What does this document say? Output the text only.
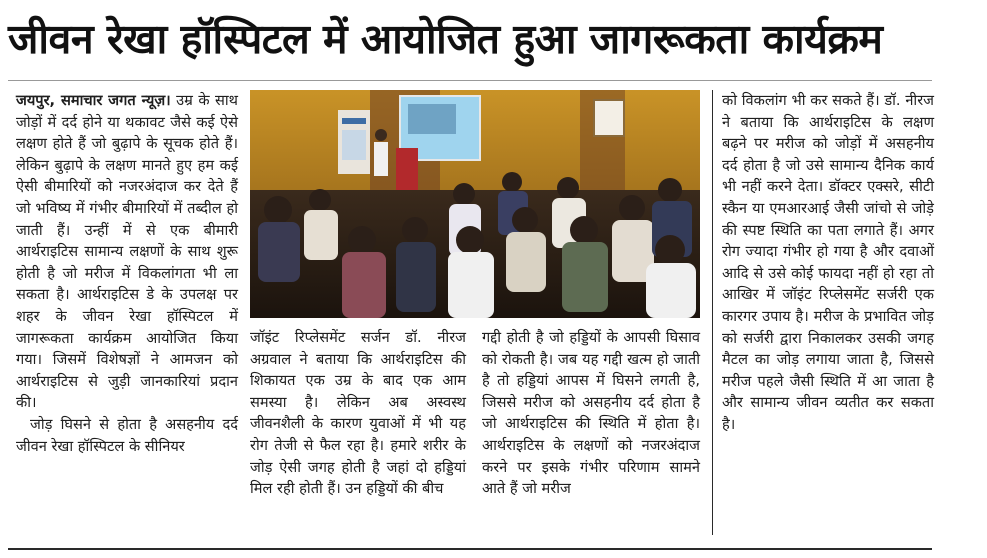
जीवन रेखा हॉस्पिटल में आयोजित हुआ जागरूकता कार्यक्रम

जयपुर, समाचार जगत न्यूज़। उम्र के साथ जोड़ों में दर्द होने या थकावट जैसे कई ऐसे लक्षण होते हैं जो बुढ़ापे के सूचक होते हैं। लेकिन बुढ़ापे के लक्षण मानते हुए हम कई ऐसी बीमारियों को नजरअंदाज कर देते हैं जो भविष्य में गंभीर बीमारियों में तब्दील हो जाती हैं। उन्हीं में से एक बीमारी आर्थराइटिस सामान्य लक्षणों के साथ शुरू होती है जो मरीज में विकलांगता भी ला सकता है। आर्थराइटिस डे के उपलक्ष पर शहर के जीवन रेखा हॉस्पिटल में जागरूकता कार्यक्रम आयोजित किया गया। जिसमें विशेषज्ञों ने आमजन को आर्थराइटिस से जुड़ी जानकारियां प्रदान की।

जोड़ घिसने से होता है असहनीय दर्द जीवन रेखा हॉस्पिटल के सीनियर

जॉइंट रिप्लेसमेंट सर्जन डॉ. नीरज अग्रवाल ने बताया कि आर्थराइटिस की शिकायत एक उम्र के बाद एक आम समस्या है। लेकिन अब अस्वस्थ जीवनशैली के कारण युवाओं में भी यह रोग तेजी से फैल रहा है। हमारे शरीर के जोड़ ऐसी जगह होती है जहां दो हड्डियां मिल रही होती हैं। उन हड्डियों की बीच

गद्दी होती है जो हड्डियों के आपसी घिसाव को रोकती है। जब यह गद्दी खत्म हो जाती है तो हड्डियां आपस में घिसने लगती है, जिससे मरीज को असहनीय दर्द होता है जो आर्थराइटिस की स्थिति में होता है। आर्थराइटिस के लक्षणों को नजरअंदाज करने पर इसके गंभीर परिणाम सामने आते हैं जो मरीज

को विकलांग भी कर सकते हैं। डॉ. नीरज ने बताया कि आर्थराइटिस के लक्षण बढ़ने पर मरीज को जोड़ों में असहनीय दर्द होता है जो उसे सामान्य दैनिक कार्य भी नहीं करने देता। डॉक्टर एक्सरे, सीटी स्कैन या एमआरआई जैसी जांचो से जोड़े की स्पष्ट स्थिति का पता लगाते हैं। अगर रोग ज्यादा गंभीर हो गया है और दवाओं आदि से उसे कोई फायदा नहीं हो रहा तो आखिर में जॉइंट रिप्लेसमेंट सर्जरी एक कारगर उपाय है। मरीज के प्रभावित जोड़ को सर्जरी द्वारा निकालकर उसकी जगह मैटल का जोड़ लगाया जाता है, जिससे मरीज पहले जैसी स्थिति में आ जाता है और सामान्य जीवन व्यतीत कर सकता है।
